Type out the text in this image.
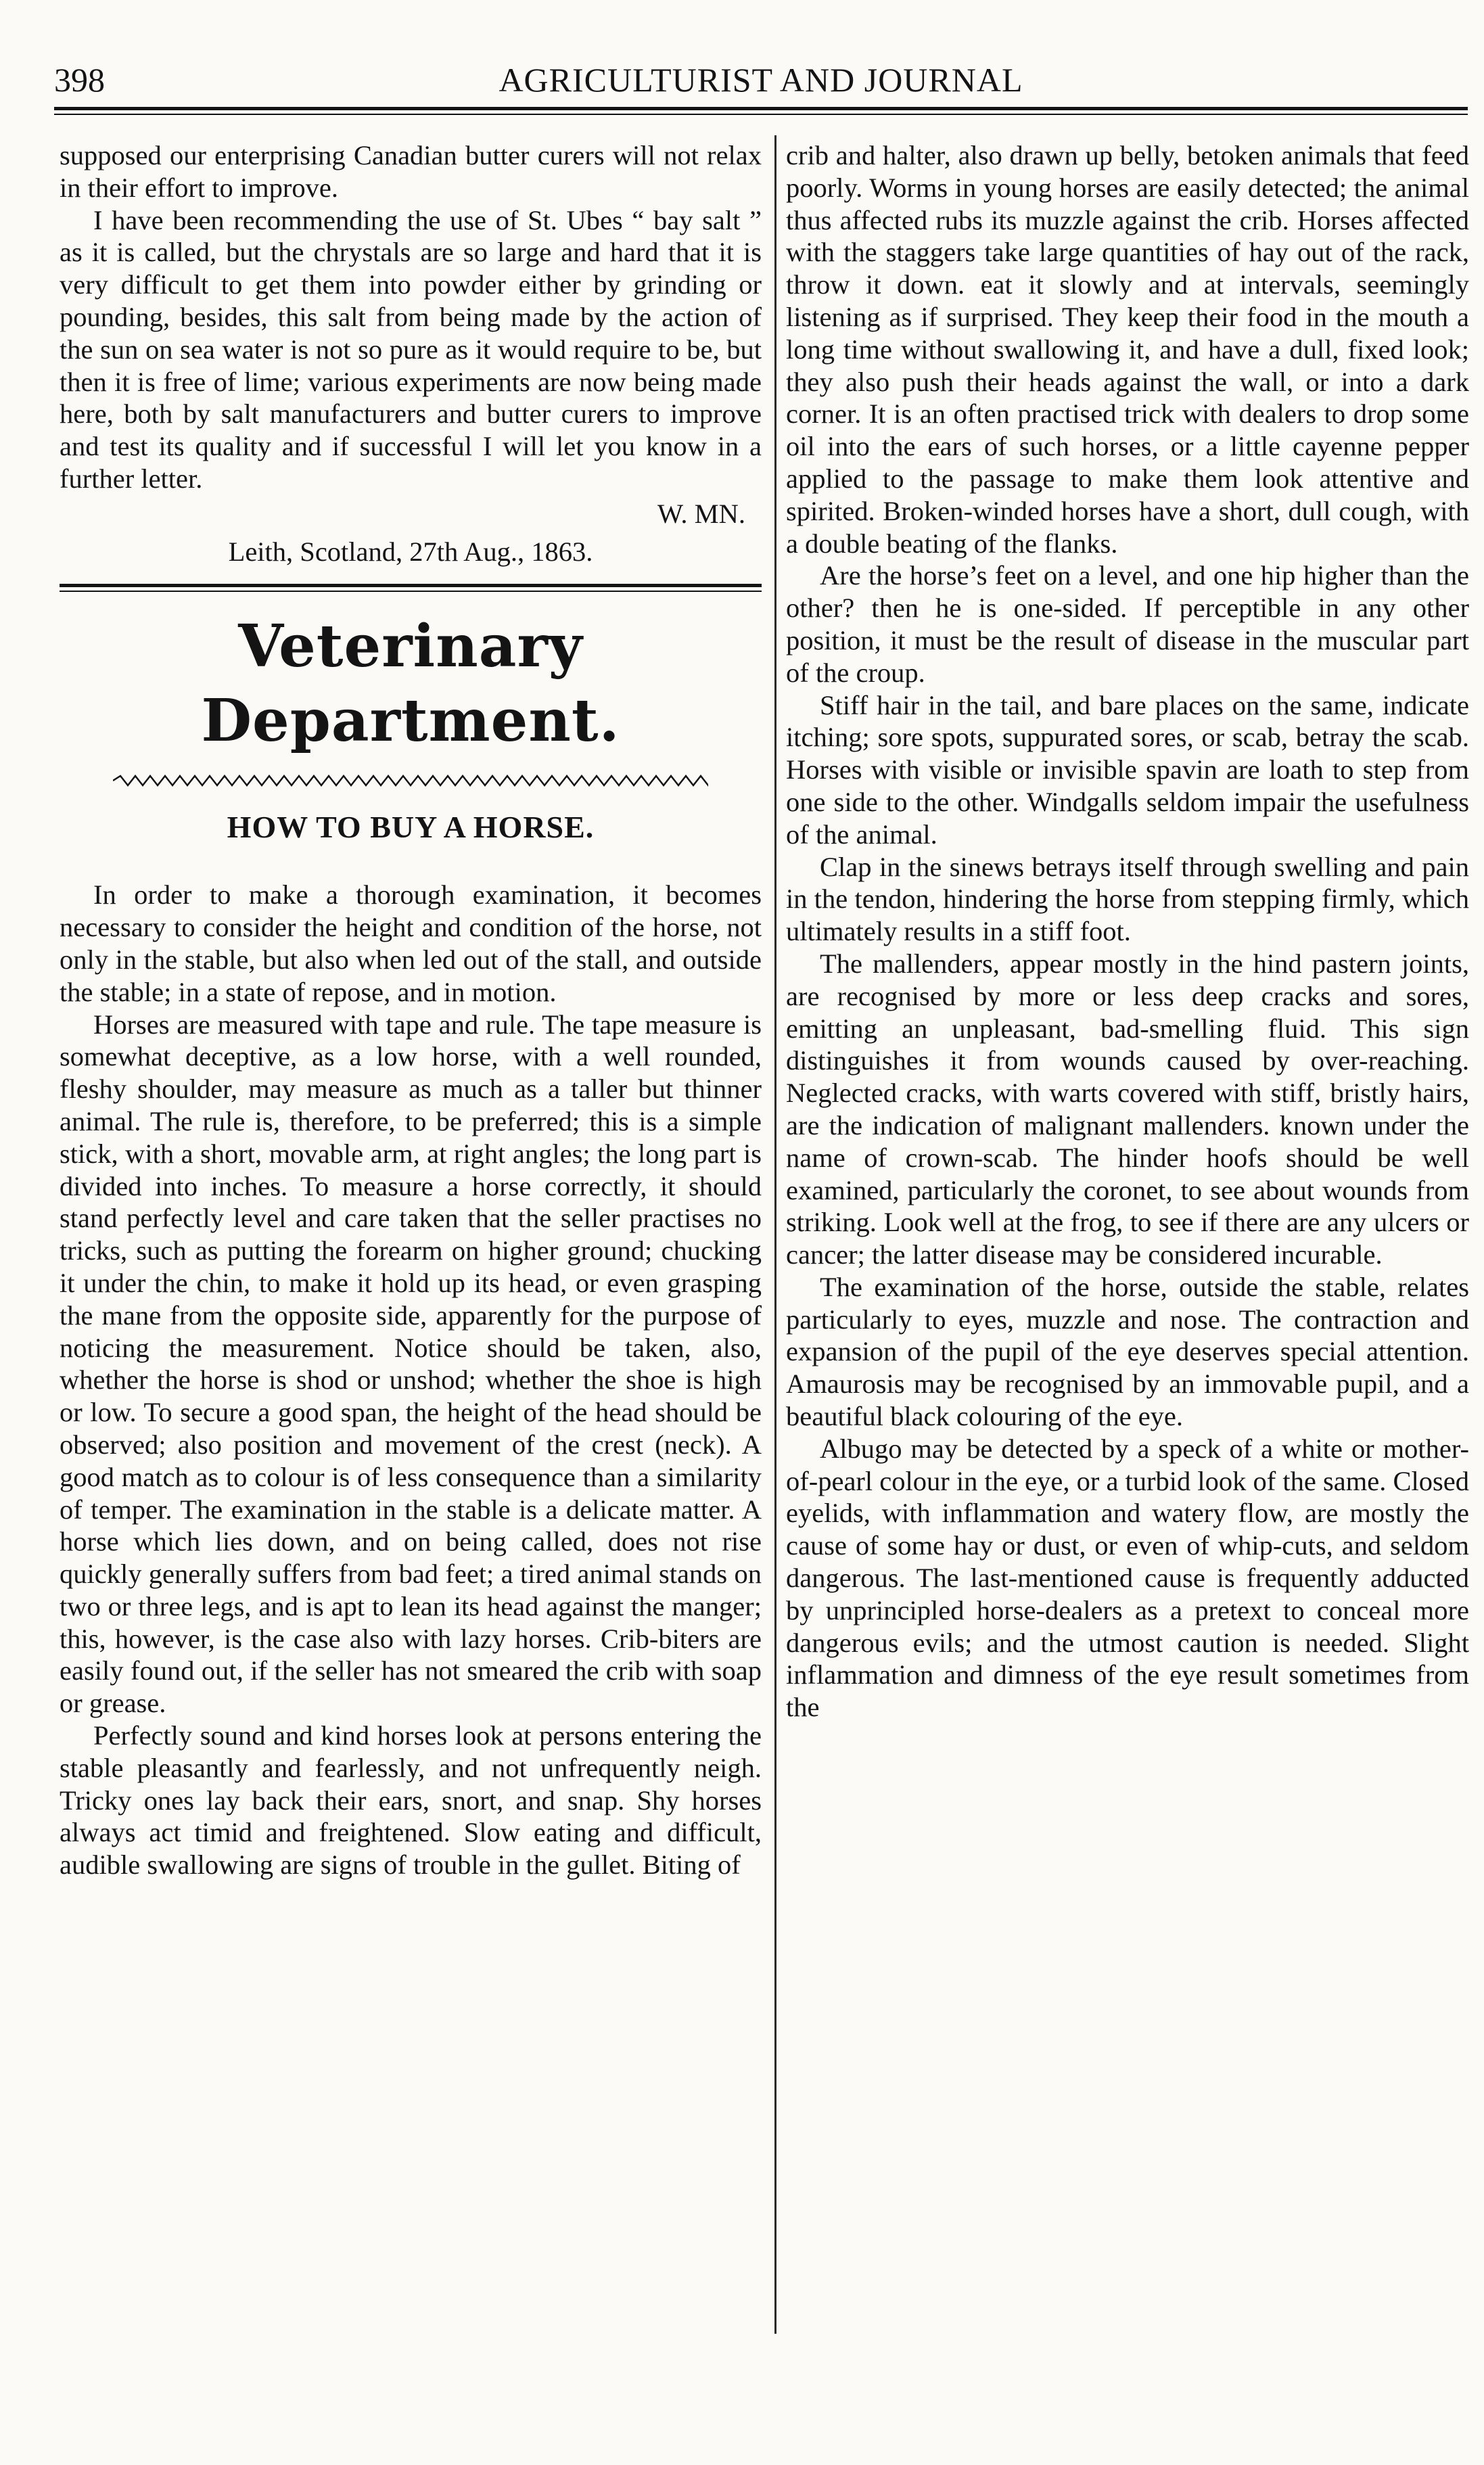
398	AGRICULTURIST AND JOURNAL

supposed our enterprising Canadian butter curers will not relax in their effort to improve.

I have been recommending the use of St. Ubes “ bay salt ” as it is called, but the chrystals are so large and hard that it is very difficult to get them into powder either by grinding or pounding, besides, this salt from being made by the action of the sun on sea water is not so pure as it would require to be, but then it is free of lime; various experiments are now being made here, both by salt manufacturers and butter curers to improve and test its quality and if successful I will let you know in a further letter.

W. MN.
Leith, Scotland, 27th Aug., 1863.
Veterinary Department.
HOW TO BUY A HORSE.

In order to make a thorough examination, it becomes necessary to consider the height and condition of the horse, not only in the stable, but also when led out of the stall, and outside the stable; in a state of repose, and in motion.

Horses are measured with tape and rule. The tape measure is somewhat deceptive, as a low horse, with a well rounded, fleshy shoulder, may measure as much as a taller but thinner animal. The rule is, therefore, to be preferred; this is a simple stick, with a short, movable arm, at right angles; the long part is divided into inches. To measure a horse correctly, it should stand perfectly level and care taken that the seller practises no tricks, such as putting the forearm on higher ground; chucking it under the chin, to make it hold up its head, or even grasping the mane from the opposite side, apparently for the purpose of noticing the measurement. Notice should be taken, also, whether the horse is shod or unshod; whether the shoe is high or low. To secure a good span, the height of the head should be observed; also position and movement of the crest (neck). A good match as to colour is of less consequence than a similarity of temper. The examination in the stable is a delicate matter. A horse which lies down, and on being called, does not rise quickly generally suffers from bad feet; a tired animal stands on two or three legs, and is apt to lean its head against the manger; this, however, is the case also with lazy horses. Crib-biters are easily found out, if the seller has not smeared the crib with soap or grease.

Perfectly sound and kind horses look at persons entering the stable pleasantly and fearlessly, and not unfrequently neigh. Tricky ones lay back their ears, snort, and snap. Shy horses always act timid and freightened. Slow eating and difficult, audible swallowing are signs of trouble in the gullet. Biting of

crib and halter, also drawn up belly, betoken animals that feed poorly. Worms in young horses are easily detected; the animal thus affected rubs its muzzle against the crib. Horses affected with the staggers take large quantities of hay out of the rack, throw it down. eat it slowly and at intervals, seemingly listening as if surprised. They keep their food in the mouth a long time without swallowing it, and have a dull, fixed look; they also push their heads against the wall, or into a dark corner. It is an often practised trick with dealers to drop some oil into the ears of such horses, or a little cayenne pepper applied to the passage to make them look attentive and spirited. Broken-winded horses have a short, dull cough, with a double beating of the flanks.

Are the horse’s feet on a level, and one hip higher than the other? then he is one-sided. If perceptible in any other position, it must be the result of disease in the muscular part of the croup.

Stiff hair in the tail, and bare places on the same, indicate itching; sore spots, suppurated sores, or scab, betray the scab. Horses with visible or invisible spavin are loath to step from one side to the other. Windgalls seldom impair the usefulness of the animal.

Clap in the sinews betrays itself through swelling and pain in the tendon, hindering the horse from stepping firmly, which ultimately results in a stiff foot.

The mallenders, appear mostly in the hind pastern joints, are recognised by more or less deep cracks and sores, emitting an unpleasant, bad-smelling fluid. This sign distinguishes it from wounds caused by over-reaching. Neglected cracks, with warts covered with stiff, bristly hairs, are the indication of malignant mallenders. known under the name of crown-scab. The hinder hoofs should be well examined, particularly the coronet, to see about wounds from striking. Look well at the frog, to see if there are any ulcers or cancer; the latter disease may be considered incurable.

The examination of the horse, outside the stable, relates particularly to eyes, muzzle and nose. The contraction and expansion of the pupil of the eye deserves special attention. Amaurosis may be recognised by an immovable pupil, and a beautiful black colouring of the eye.

Albugo may be detected by a speck of a white or mother-of-pearl colour in the eye, or a turbid look of the same. Closed eyelids, with inflammation and watery flow, are mostly the cause of some hay or dust, or even of whip-cuts, and seldom dangerous. The last-mentioned cause is frequently adducted by unprincipled horse-dealers as a pretext to conceal more dangerous evils; and the utmost caution is needed. Slight inflammation and dimness of the eye result sometimes from the
